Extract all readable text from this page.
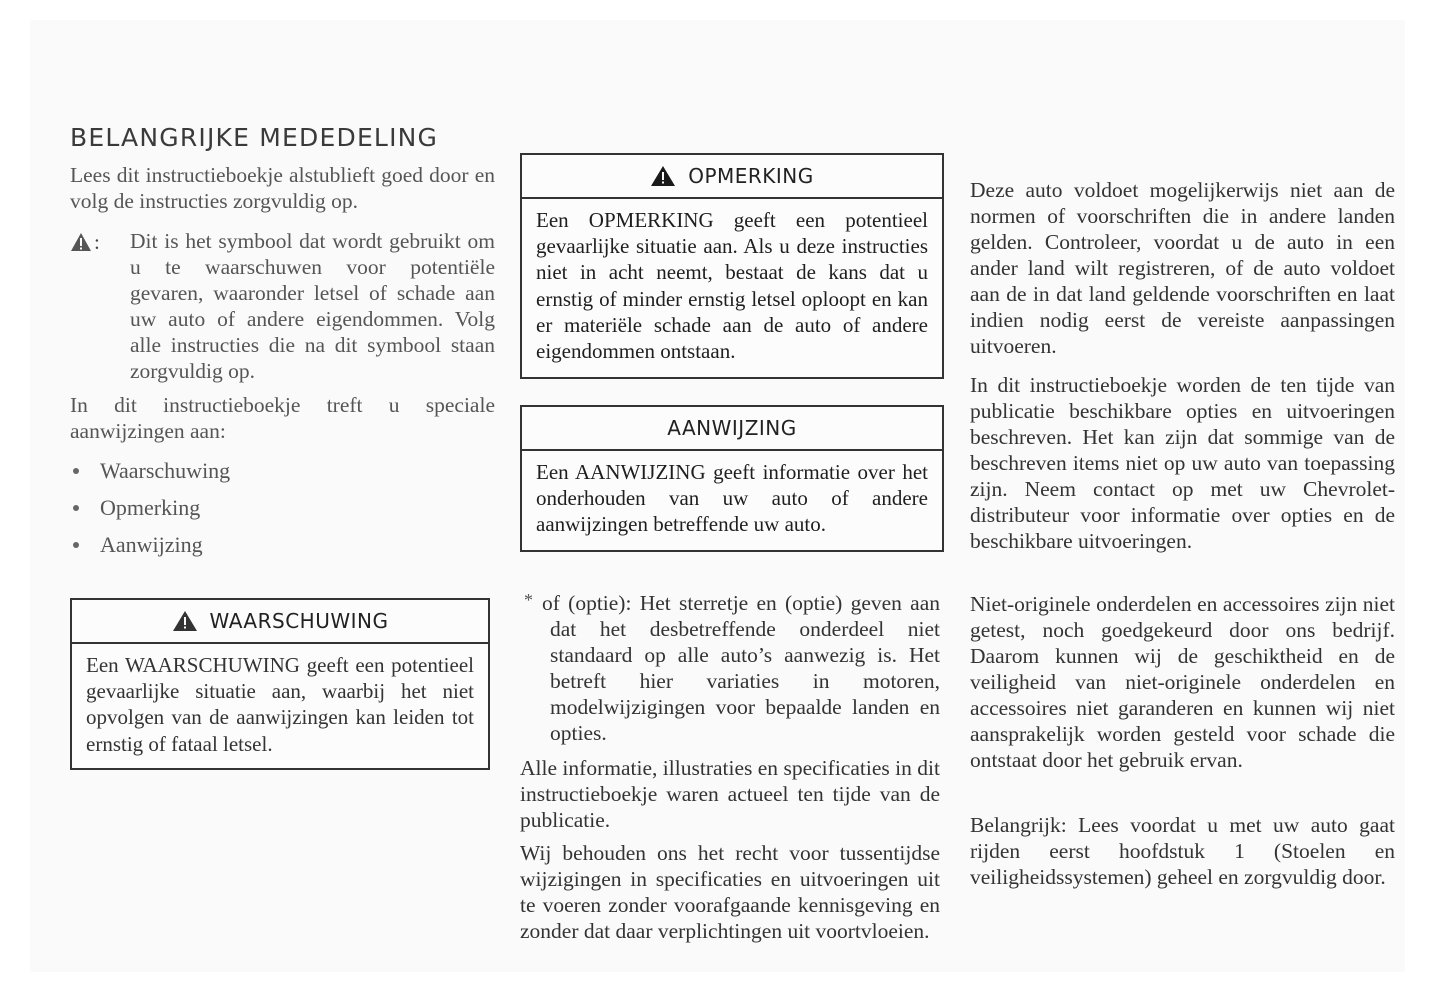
BELANGRIJKE MEDEDELING

Lees dit instructieboekje alstublieft goed door en volg de instructies zorgvuldig op.

: Dit is het symbool dat wordt gebruikt om u te waarschuwen voor potentiële gevaren, waaronder letsel of schade aan uw auto of andere eigendommen. Volg alle instructies die na dit symbool staan zorgvuldig op.

In dit instructieboekje treft u speciale aanwijzingen aan:

Waarschuwing
Opmerking
Aanwijzing
WAARSCHUWING
Een WAARSCHUWING geeft een potentieel gevaarlijke situatie aan, waarbij het niet opvolgen van de aanwijzingen kan leiden tot ernstig of fataal letsel.
OPMERKING
Een OPMERKING geeft een potentieel gevaarlijke situatie aan. Als u deze instructies niet in acht neemt, bestaat de kans dat u ernstig of minder ernstig letsel oploopt en kan er materiële schade aan de auto of andere eigendommen ontstaan.
AANWIJZING
Een AANWIJZING geeft informatie over het onderhouden van uw auto of andere aanwijzingen betreffende uw auto.
* of (optie): Het sterretje en (optie) geven aan dat het desbetreffende onderdeel niet standaard op alle auto’s aanwezig is. Het betreft hier variaties in motoren, modelwijzigingen voor bepaalde landen en opties.

Alle informatie, illustraties en specificaties in dit instructieboekje waren actueel ten tijde van de publicatie.

Wij behouden ons het recht voor tussentijdse wijzigingen in specificaties en uitvoeringen uit te voeren zonder voorafgaande kennisgeving en zonder dat daar verplichtingen uit voortvloeien.

Deze auto voldoet mogelijkerwijs niet aan de normen of voorschriften die in andere landen gelden. Controleer, voordat u de auto in een ander land wilt registreren, of de auto voldoet aan de in dat land geldende voorschriften en laat indien nodig eerst de vereiste aanpassingen uitvoeren.

In dit instructieboekje worden de ten tijde van publicatie beschikbare opties en uitvoeringen beschreven. Het kan zijn dat sommige van de beschreven items niet op uw auto van toepassing zijn. Neem contact op met uw Chevrolet-distributeur voor informatie over opties en de beschikbare uitvoeringen.

Niet-originele onderdelen en accessoires zijn niet getest, noch goedgekeurd door ons bedrijf. Daarom kunnen wij de geschiktheid en de veiligheid van niet-originele onderdelen en accessoires niet garanderen en kunnen wij niet aansprakelijk worden gesteld voor schade die ontstaat door het gebruik ervan.

Belangrijk: Lees voordat u met uw auto gaat rijden eerst hoofdstuk 1 (Stoelen en veiligheidssystemen) geheel en zorgvuldig door.
